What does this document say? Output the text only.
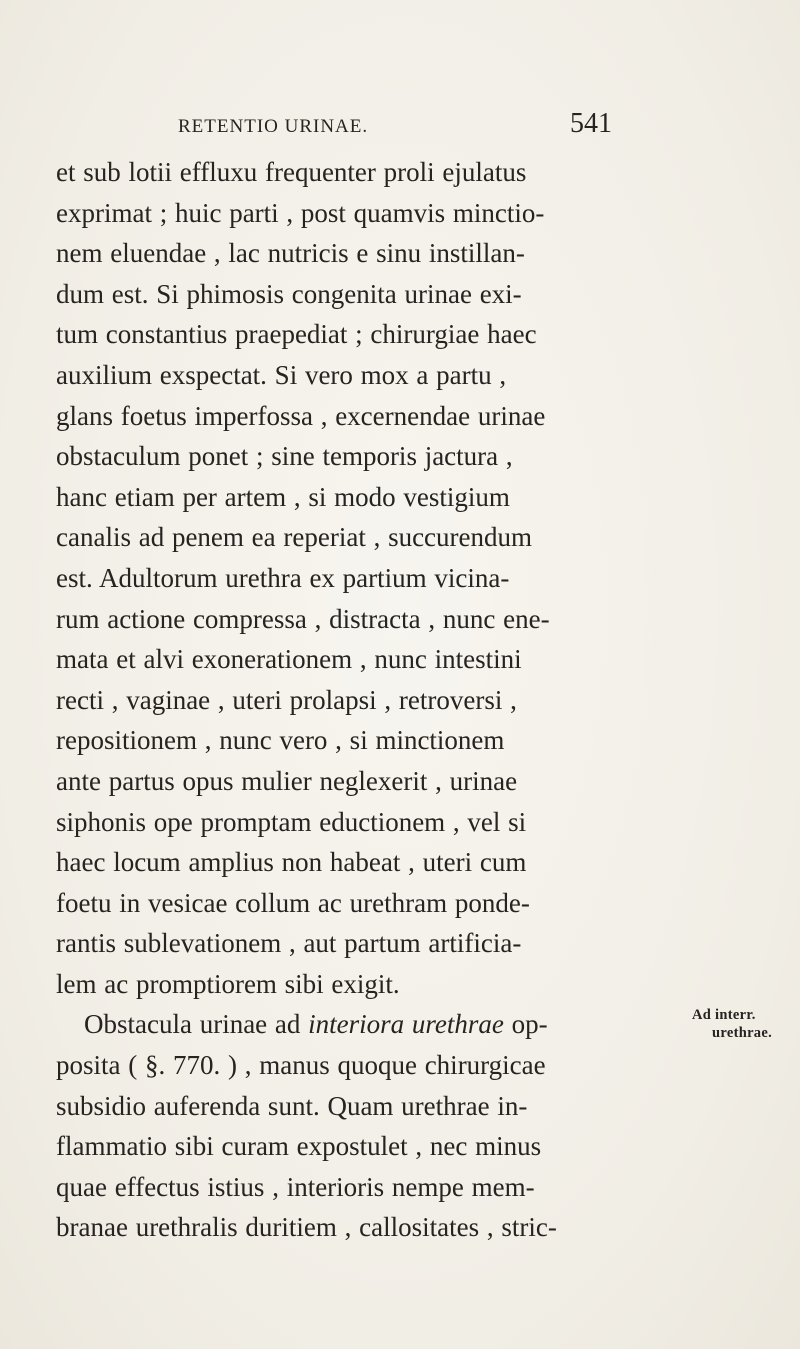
RETENTIO URINAE.	541
et sub lotii effluxu frequenter proli ejulatus
exprimat ; huic parti , post quamvis minctio-
nem eluendae , lac nutricis e sinu instillan-
dum est. Si phimosis congenita urinae exi-
tum constantius praepediat ; chirurgiae haec
auxilium exspectat. Si vero mox a partu ,
glans foetus imperfossa , excernendae urinae
obstaculum ponet ; sine temporis jactura ,
hanc etiam per artem , si modo vestigium
canalis ad penem ea reperiat , succurendum
est. Adultorum urethra ex partium vicina-
rum actione compressa , distracta , nunc ene-
mata et alvi exonerationem , nunc intestini
recti , vaginae , uteri prolapsi , retroversi ,
repositionem , nunc vero , si minctionem
ante partus opus mulier neglexerit , urinae
siphonis ope promptam eductionem , vel si
haec locum amplius non habeat , uteri cum
foetu in vesicae collum ac urethram ponde-
rantis sublevationem , aut partum artificia-
lem ac promptiorem sibi exigit.
Obstacula urinae ad interiora urethrae op-
posita ( §. 770. ) , manus quoque chirurgicae
subsidio auferenda sunt. Quam urethrae in-
flammatio sibi curam expostulet , nec minus
quae effectus istius , interioris nempe mem-
branae urethralis duritiem , callositates , stric-
Ad interr.
urethrae.
